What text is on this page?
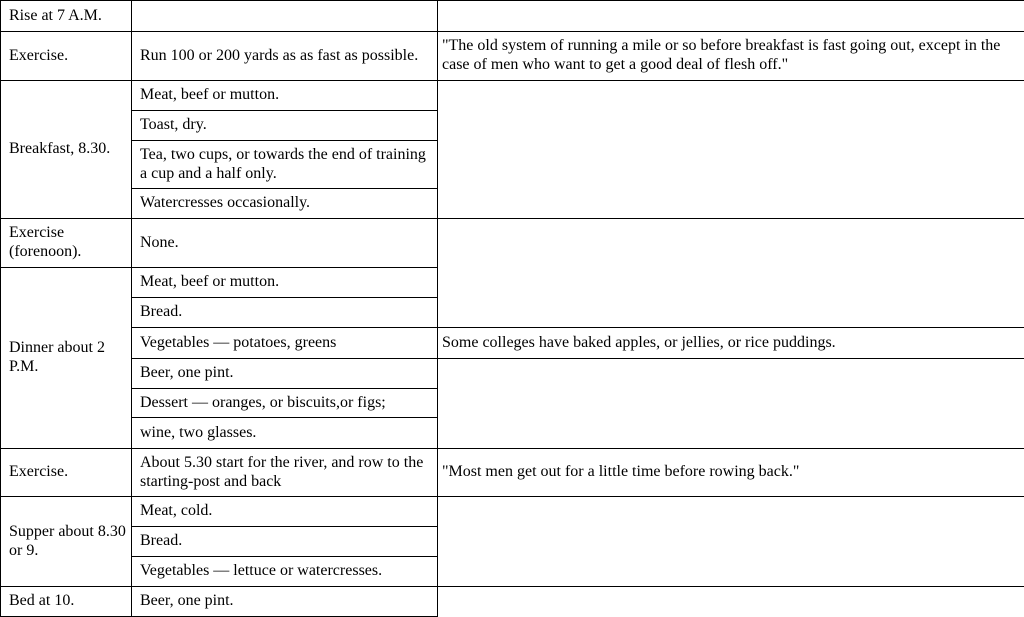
Rise at 7 A.M.		
Exercise.	Run 100 or 200 yards as as fast as possible.	"The old system of running a mile or so before breakfast is fast going out, except in the case of men who want to get a good deal of flesh off."
Breakfast, 8.30.	Meat, beef or mutton.	
	Toast, dry.	
	Tea, two cups, or towards the end of training a cup and a half only.	
	Watercresses occasionally.	
Exercise (forenoon).	None.	
Dinner about 2 P.M.	Meat, beef or mutton.	
	Bread.	
	Vegetables — potatoes, greens	Some colleges have baked apples, or jellies, or rice puddings.
	Beer, one pint.	
	Dessert — oranges, or biscuits,or figs;	
	wine, two glasses.	
Exercise.	About 5.30 start for the river, and row to the starting-post and back	"Most men get out for a little time before rowing back."
Supper about 8.30 or 9.	Meat, cold.	
	Bread.	
	Vegetables — lettuce or watercresses.	
Bed at 10.	Beer, one pint.	
